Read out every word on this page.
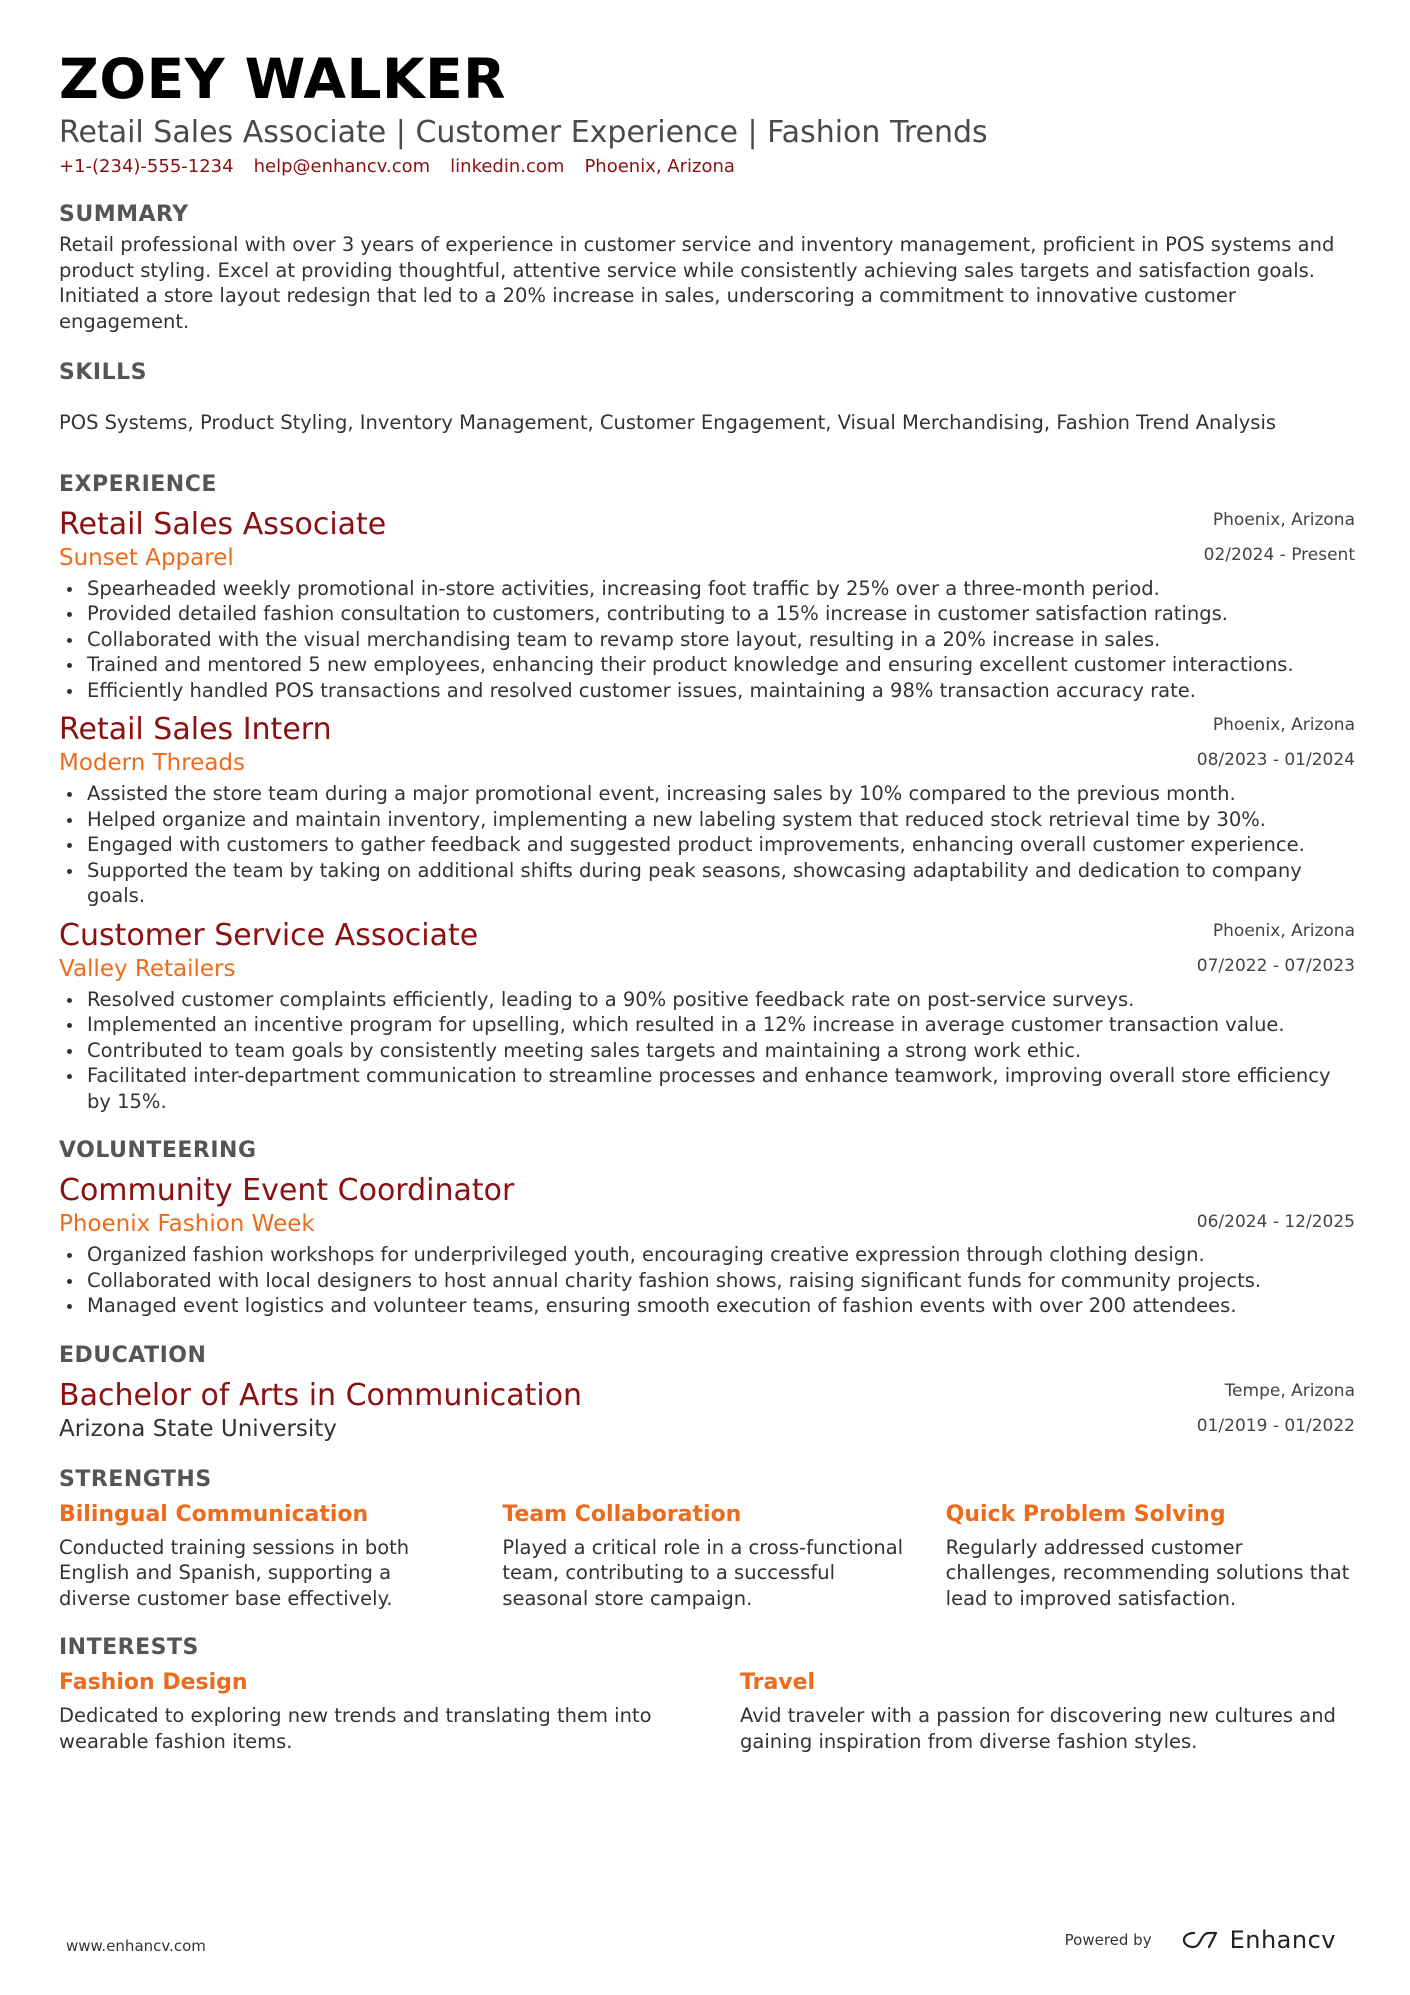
ZOEY WALKER
Retail Sales Associate | Customer Experience | Fashion Trends
+1-(234)-555-1234 help@enhancv.com linkedin.com Phoenix, Arizona
SUMMARY
Retail professional with over 3 years of experience in customer service and inventory management, proficient in POS systems and product styling. Excel at providing thoughtful, attentive service while consistently achieving sales targets and satisfaction goals. Initiated a store layout redesign that led to a 20% increase in sales, underscoring a commitment to innovative customer engagement.
SKILLS
POS Systems, Product Styling, Inventory Management, Customer Engagement, Visual Merchandising, Fashion Trend Analysis
EXPERIENCE
Retail Sales Associate
Sunset Apparel
Phoenix, Arizona
02/2024 - Present
Spearheaded weekly promotional in-store activities, increasing foot traffic by 25% over a three-month period.
Provided detailed fashion consultation to customers, contributing to a 15% increase in customer satisfaction ratings.
Collaborated with the visual merchandising team to revamp store layout, resulting in a 20% increase in sales.
Trained and mentored 5 new employees, enhancing their product knowledge and ensuring excellent customer interactions.
Efficiently handled POS transactions and resolved customer issues, maintaining a 98% transaction accuracy rate.
Retail Sales Intern
Modern Threads
Phoenix, Arizona
08/2023 - 01/2024
Assisted the store team during a major promotional event, increasing sales by 10% compared to the previous month.
Helped organize and maintain inventory, implementing a new labeling system that reduced stock retrieval time by 30%.
Engaged with customers to gather feedback and suggested product improvements, enhancing overall customer experience.
Supported the team by taking on additional shifts during peak seasons, showcasing adaptability and dedication to company goals.
Customer Service Associate
Valley Retailers
Phoenix, Arizona
07/2022 - 07/2023
Resolved customer complaints efficiently, leading to a 90% positive feedback rate on post-service surveys.
Implemented an incentive program for upselling, which resulted in a 12% increase in average customer transaction value.
Contributed to team goals by consistently meeting sales targets and maintaining a strong work ethic.
Facilitated inter-department communication to streamline processes and enhance teamwork, improving overall store efficiency by 15%.
VOLUNTEERING
Community Event Coordinator
Phoenix Fashion Week	06/2024 - 12/2025
Organized fashion workshops for underprivileged youth, encouraging creative expression through clothing design.
Collaborated with local designers to host annual charity fashion shows, raising significant funds for community projects.
Managed event logistics and volunteer teams, ensuring smooth execution of fashion events with over 200 attendees.
EDUCATION
Bachelor of Arts in Communication
Arizona State University
Tempe, Arizona
01/2019 - 01/2022
STRENGTHS
Bilingual Communication
Conducted training sessions in both English and Spanish, supporting a diverse customer base effectively.
Team Collaboration
Played a critical role in a cross-functional team, contributing to a successful seasonal store campaign.
Quick Problem Solving
Regularly addressed customer challenges, recommending solutions that lead to improved satisfaction.
INTERESTS
Fashion Design
Dedicated to exploring new trends and translating them into wearable fashion items.
Travel
Avid traveler with a passion for discovering new cultures and gaining inspiration from diverse fashion styles.
www.enhancv.com	Powered by	Enhancv
